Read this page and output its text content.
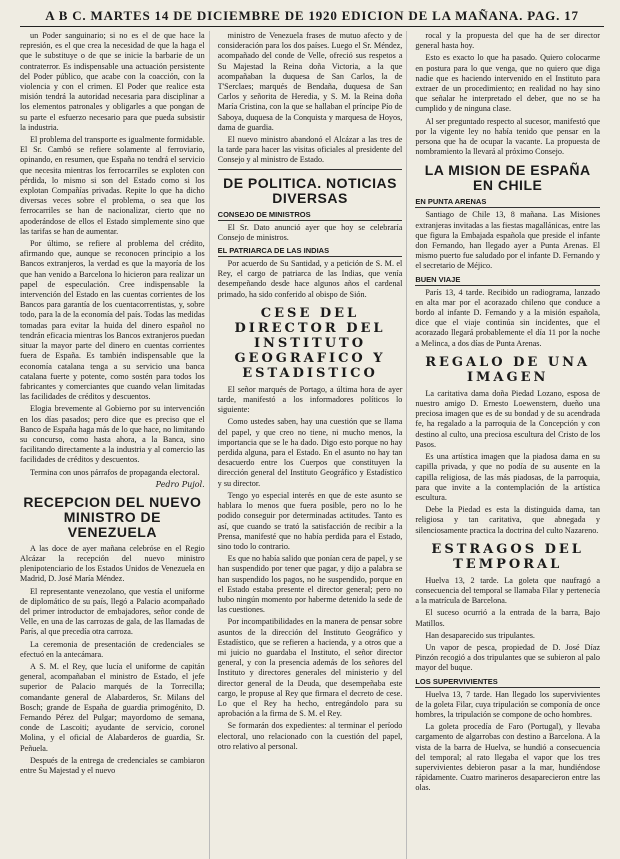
A B C. MARTES 14 DE DICIEMBRE DE 1920 EDICION DE LA MAÑANA. PAG. 17

un Poder sanguinario; si no es el de que hace la represión, es el que crea la necesidad de que la haga el que le substituye o de que se inicie la barbarie de un contraterror. Es indispensable una actuación persistente del Poder público, que acabe con la coacción, con la violencia y con el crimen. El Poder que realice esta misión tendrá la autoridad necesaria para disciplinar a los elementos patronales y obligarles a que pongan de su parte el esfuerzo necesario para que pueda subsistir la industria.

El problema del transporte es igualmente formidable. El Sr. Cambó se refiere solamente al ferroviario, opinando, en resumen, que España no tendrá el servicio que necesita mientras los ferrocarriles se exploten con pérdida, lo mismo si son del Estado como si los explotan Compañías privadas. Repite lo que ha dicho diversas veces sobre el problema, o sea que los ferrocarriles se han de nacionalizar, cierto que no apoderándose de ellos el Estado simplemente sino que las tarifas se han de aumentar.

Por último, se refiere al problema del crédito, afirmando que, aunque se reconocen principio a los Bancos extranjeros, la verdad es que la mayoría de los que han venido a Barcelona lo hicieron para realizar un papel de especulación. Cree indispensable la intervención del Estado en las cuentas corrientes de los Bancos para garantía de los cuentacorrentistas, y, sobre todo, para la de la economía del país. Todas las medidas tomadas para evitar la huida del dinero español no tendrán eficacia mientras los Bancos extranjeros puedan situar la mayor parte del dinero en cuentas corrientes fuera de España. Es también indispensable que la economía catalana tenga a su servicio una banca catalana fuerte y potente, como sostén para todos los fabricantes y comerciantes que cuando velan limitadas las facilidades de créditos y descuentos.

Elogia brevemente al Gobierno por su intervención en los días pasados; pero dice que es preciso que el Banco de España haga más de lo que hace, no limitando su concurso, como hasta ahora, a la Banca, sino facilitando directamente a la industria y al comercio las facilidades de créditos y descuentos.

Termina con unos párrafos de propaganda electoral.

Pedro Pujol.
RECEPCION DEL NUEVO MINISTRO DE VENEZUELA

A las doce de ayer mañana celebróse en el Regio Alcázar la recepción del nuevo ministro plenipotenciario de los Estados Unidos de Venezuela en Madrid, D. José María Méndez.

El representante venezolano, que vestía el uniforme de diplomático de su país, llegó a Palacio acompañado del primer introductor de embajadores, señor conde de Velle, en una de las carrozas de gala, de las llamadas de París, al que precedía otra carroza.

La ceremonia de presentación de credenciales se efectuó en la antecámara.

A S. M. el Rey, que lucía el uniforme de capitán general, acompañaban el ministro de Estado, el jefe superior de Palacio marqués de la Torrecilla; comandante general de Alabarderos, Sr. Milans del Bosch; grande de España de guardia primogénito, D. Fernando Pérez del Pulgar; mayordomo de semana, conde de Lascoiti; ayudante de servicio, coronel Molina, y el oficial de Alabarderos de guardia, Sr. Peñuela.

Después de la entrega de credenciales se cambiaron entre Su Majestad y el nuevo

ministro de Venezuela frases de mutuo afecto y de consideración para los dos países. Luego el Sr. Méndez, acompañado del conde de Velle, ofreció sus respetos a Su Majestad la Reina doña Victoria, a la que acompañaban la duquesa de San Carlos, la de T'Serclaes; marqués de Bendaña, duquesa de San Carlos y señorita de Heredia, y S. M. la Reina doña María Cristina, con la que se hallaban el príncipe Pío de Saboya, duquesa de la Conquista y marquesa de Hoyos, dama de guardia.

El nuevo ministro abandonó el Alcázar a las tres de la tarde para hacer las visitas oficiales al presidente del Consejo y al ministro de Estado.

DE POLITICA. NOTICIAS DIVERSAS
CONSEJO DE MINISTROS

El Sr. Dato anunció ayer que hoy se celebraría Consejo de ministros.

EL PATRIARCA DE LAS INDIAS

Por acuerdo de Su Santidad, y a petición de S. M. el Rey, el cargo de patriarca de las Indias, que venía desempeñando desde hace algunos años el cardenal primado, ha sido conferido al obispo de Sión.

CESE DEL DIRECTOR DEL INSTITUTO GEOGRAFICO Y ESTADISTICO

El señor marqués de Portago, a última hora de ayer tarde, manifestó a los informadores políticos lo siguiente:

Como ustedes saben, hay una cuestión que se llama del papel, y que creo no tiene, ni mucho menos, la importancia que se le ha dado. Digo esto porque no hay perdida alguna, para el Estado. En el asunto no hay tan desacuerdo entre los Cuerpos que constituyen la dirección general del Instituto Geográfico y Estadístico y su director.

Tengo yo especial interés en que de este asunto se hablara lo menos que fuera posible, pero no lo he podido conseguir por determinadas actitudes. Tanto es así, que cuando se trató la satisfacción de recibir a la Prensa, manifesté que no había perdida para el Estado, sino todo lo contrario.

Es que no había salido que ponían cera de papel, y se han suspendido por tener que pagar, y dijo a palabra se han suspendido los pagos, no he suspendido, porque en el Estado estaba presente el director general; pero no hubo ningún momento por haberme detenido la sede de las cuestiones.

Por incompatibilidades en la manera de pensar sobre asuntos de la dirección del Instituto Geográfico y Estadístico, que se refieren a hacienda, y a otros que a mi juicio no guardaba el Instituto, el señor director general, y con la presencia además de los señores del Instituto y directores generales del ministerio y del director general de la Deuda, que desempeñaba este cargo, le propuse al Rey que firmara el decreto de cese. Lo que el Rey ha hecho, entregándolo para su aprobación a la firma de S. M. el Rey.

Se formarán dos expedientes: al terminar el período electoral, uno relacionado con la cuestión del papel, otro relativo al personal.

rocal y la propuesta del que ha de ser director general hasta hoy.

Esto es exacto lo que ha pasado. Quiero colocarme en postura para lo que venga, que no quiero que diga nadie que es haciendo intervenido en el Instituto para extraer de un procedimiento; en realidad no hay sino que señalar he interpretado el deber, que no se ha cumplido y de ninguna clase.

Al ser preguntado respecto al sucesor, manifestó que por la vigente ley no había tenido que pensar en la persona que ha de ocupar la vacante. La propuesta de nombramiento la llevará al próximo Consejo.

LA MISION DE ESPAÑA EN CHILE
EN PUNTA ARENAS

Santiago de Chile 13, 8 mañana. Las Misiones extranjeras invitadas a las fiestas magallánicas, entre las que figura la Embajada española que preside el infante don Fernando, han llegado ayer a Punta Arenas. El mismo puerto fue saludado por el infante D. Fernando y el secretario de Méjico.

BUEN VIAJE

París 13, 4 tarde. Recibido un radiograma, lanzado en alta mar por el acorazado chileno que conduce a bordo al infante D. Fernando y a la misión española, dice que el viaje continúa sin incidentes, que el acorazado llegará probablemente el día 11 por la noche a Melinca, a dos días de Punta Arenas.

REGALO DE UNA IMAGEN

La caritativa dama doña Piedad Lozano, esposa de nuestro amigo D. Ernesto Loewenstern, dueño una preciosa imagen que es de su bondad y de su acendrada fe, ha regalado a la parroquia de la Concepción y con destino al culto, una preciosa escultura del Cristo de los Pasos.

Es una artística imagen que la piadosa dama en su capilla privada, y que no podía de su ausente en la capilla religiosa, de las más piadosas, de la parroquia, para que invite a la contemplación de la artística escultura.

Debe la Piedad es esta la distinguida dama, tan religiosa y tan caritativa, que abnegada y silenciosamente practica la doctrina del culto Nazareno.

ESTRAGOS DEL TEMPORAL

Huelva 13, 2 tarde. La goleta que naufragó a consecuencia del temporal se llamaba Filar y pertenecía a la matrícula de Barcelona.

El suceso ocurrió a la entrada de la barra, Bajo Matillos.

Han desaparecido sus tripulantes.

Un vapor de pesca, propiedad de D. José Díaz Pinzón recogió a dos tripulantes que se subieron al palo mayor del buque.

LOS SUPERVIVIENTES

Huelva 13, 7 tarde. Han llegado los supervivientes de la goleta Filar, cuya tripulación se componía de once hombres, la tripulación se compone de ocho hombres.

La goleta procedía de Faro (Portugal), y llevaba cargamento de algarrobas con destino a Barcelona. A la vista de la barra de Huelva, se hundió a consecuencia del temporal; al rato llegaba el vapor que los tres supervivientes debieron pasar a la mar, hundiéndose rápidamente. Cuatro marineros desaparecieron entre las olas.
